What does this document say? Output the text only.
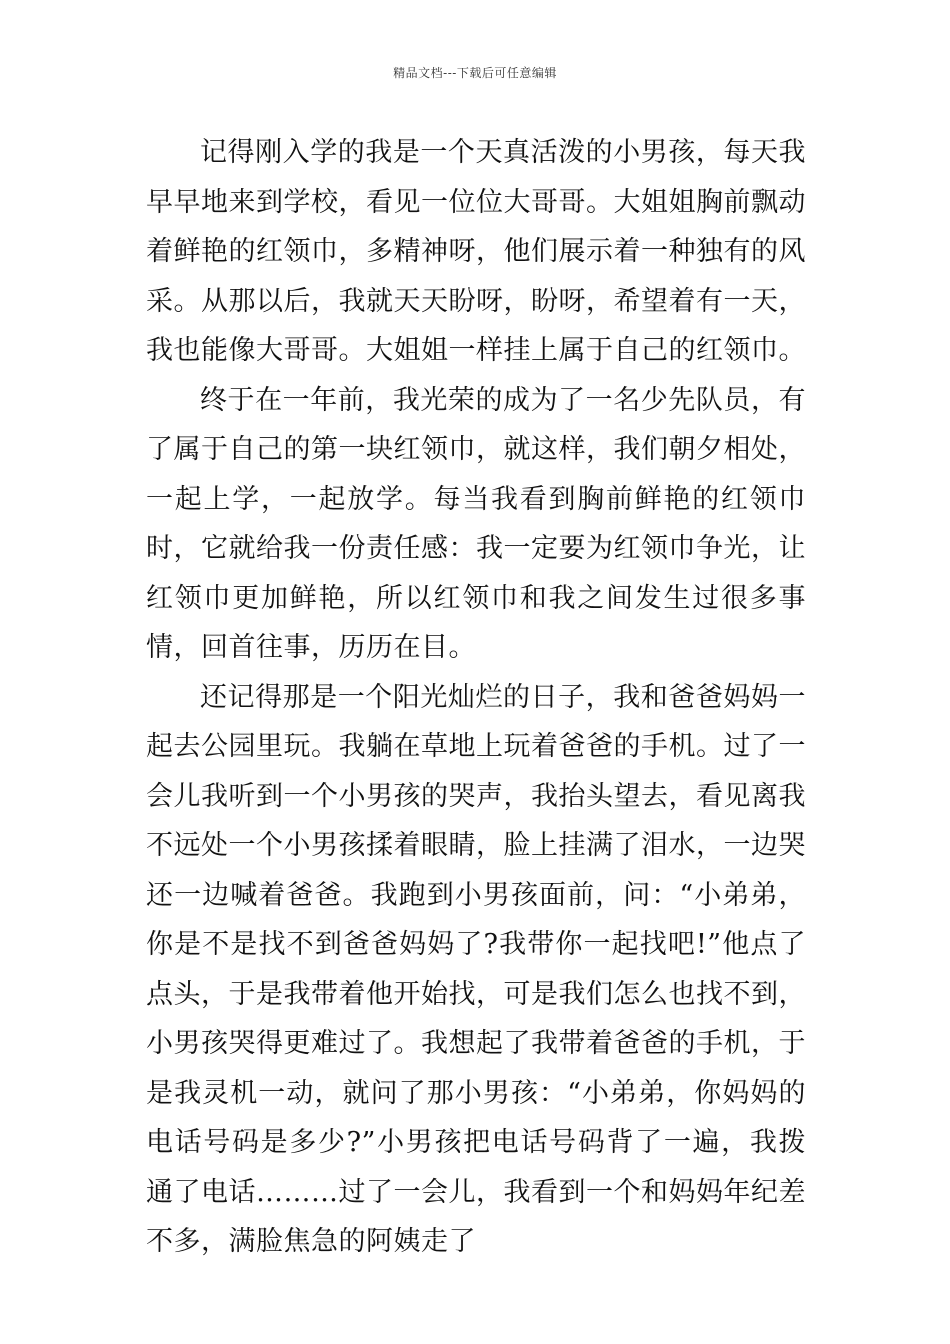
精品文档---下载后可任意编辑

记得刚入学的我是一个天真活泼的小男孩，每天我早早地来到学校，看见一位位大哥哥。大姐姐胸前飘动着鲜艳的红领巾，多精神呀，他们展示着一种独有的风采。从那以后，我就天天盼呀，盼呀，希望着有一天，我也能像大哥哥。大姐姐一样挂上属于自己的红领巾。

终于在一年前，我光荣的成为了一名少先队员，有了属于自己的第一块红领巾，就这样，我们朝夕相处，一起上学，一起放学。每当我看到胸前鲜艳的红领巾时，它就给我一份责任感：我一定要为红领巾争光，让红领巾更加鲜艳，所以红领巾和我之间发生过很多事情，回首往事，历历在目。

还记得那是一个阳光灿烂的日子，我和爸爸妈妈一起去公园里玩。我躺在草地上玩着爸爸的手机。过了一会儿我听到一个小男孩的哭声，我抬头望去，看见离我不远处一个小男孩揉着眼睛，脸上挂满了泪水，一边哭还一边喊着爸爸。我跑到小男孩面前，问：“小弟弟，你是不是找不到爸爸妈妈了?我带你一起找吧!”他点了点头，于是我带着他开始找，可是我们怎么也找不到，小男孩哭得更难过了。我想起了我带着爸爸的手机，于是我灵机一动，就问了那小男孩：“小弟弟，你妈妈的电话号码是多少?”小男孩把电话号码背了一遍，我拨通了电话………过了一会儿，我看到一个和妈妈年纪差不多，满脸焦急的阿姨走了
